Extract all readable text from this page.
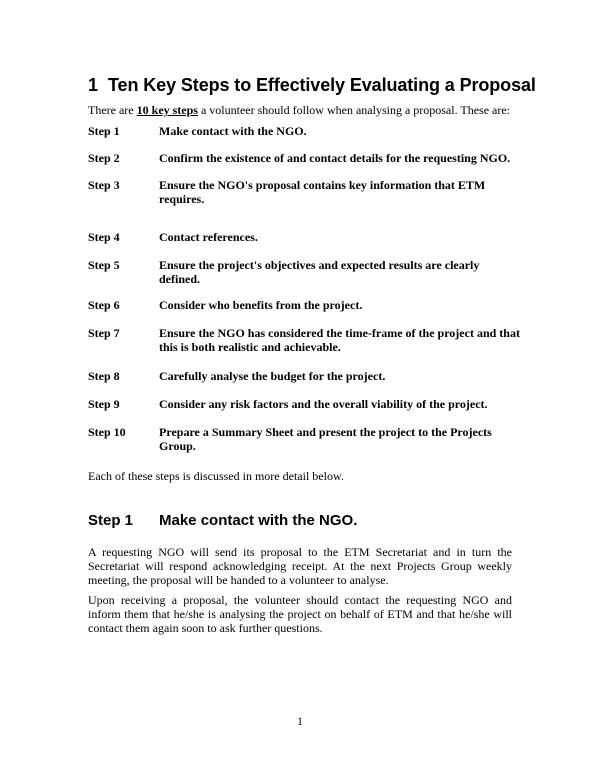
1 Ten Key Steps to Effectively Evaluating a Proposal
There are 10 key steps a volunteer should follow when analysing a proposal. These are:
Step 1	Make contact with the NGO.
Step 2	Confirm the existence of and contact details for the requesting NGO.
Step 3	Ensure the NGO's proposal contains key information that ETM requires.
Step 4	Contact references.
Step 5	Ensure the project's objectives and expected results are clearly defined.
Step 6	Consider who benefits from the project.
Step 7	Ensure the NGO has considered the time-frame of the project and that this is both realistic and achievable.
Step 8	Carefully analyse the budget for the project.
Step 9	Consider any risk factors and the overall viability of the project.
Step 10	Prepare a Summary Sheet and present the project to the Projects Group.
Each of these steps is discussed in more detail below.
Step 1 Make contact with the NGO.
A requesting NGO will send its proposal to the ETM Secretariat and in turn the Secretariat will respond acknowledging receipt. At the next Projects Group weekly meeting, the proposal will be handed to a volunteer to analyse.
Upon receiving a proposal, the volunteer should contact the requesting NGO and inform them that he/she is analysing the project on behalf of ETM and that he/she will contact them again soon to ask further questions.
1
